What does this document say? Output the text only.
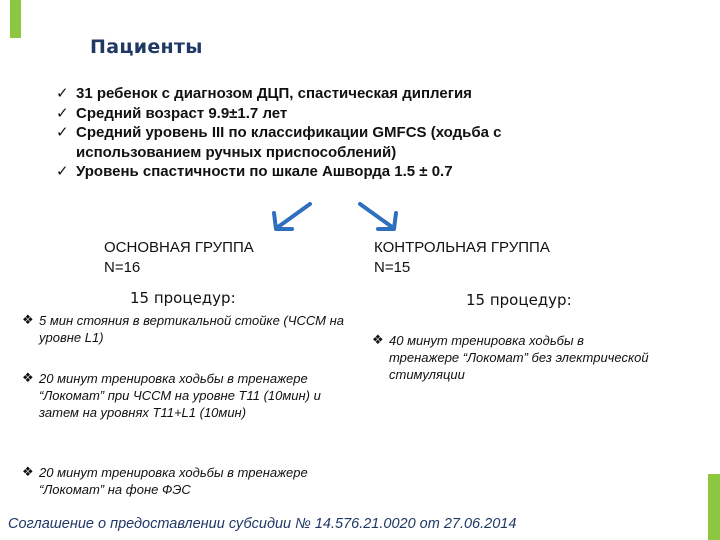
Пациенты
✓ 31 ребенок с диагнозом ДЦП, спастическая диплегия
✓ Средний возраст 9.9±1.7 лет
✓ Средний уровень III по классификации GMFCS (ходьба с использованием ручных приспособлений)
✓ Уровень спастичности по шкале Ашворда 1.5 ± 0.7
ОСНОВНАЯ ГРУППА
N=16
15 процедур:
❖ 5 мин стояния в вертикальной стойке (ЧССМ на уровне L1)
❖ 20 минут тренировка ходьбы в тренажере “Локомат” при ЧССМ на уровне T11 (10мин) и затем на уровнях T11+L1 (10мин)
❖ 20 минут тренировка ходьбы в тренажере “Локомат” на фоне ФЭС
КОНТРОЛЬНАЯ ГРУППА
N=15
15 процедур:
❖ 40 минут тренировка ходьбы в тренажере “Локомат” без электрической стимуляции
Соглашение о предоставлении субсидии № 14.576.21.0020 от 27.06.2014
